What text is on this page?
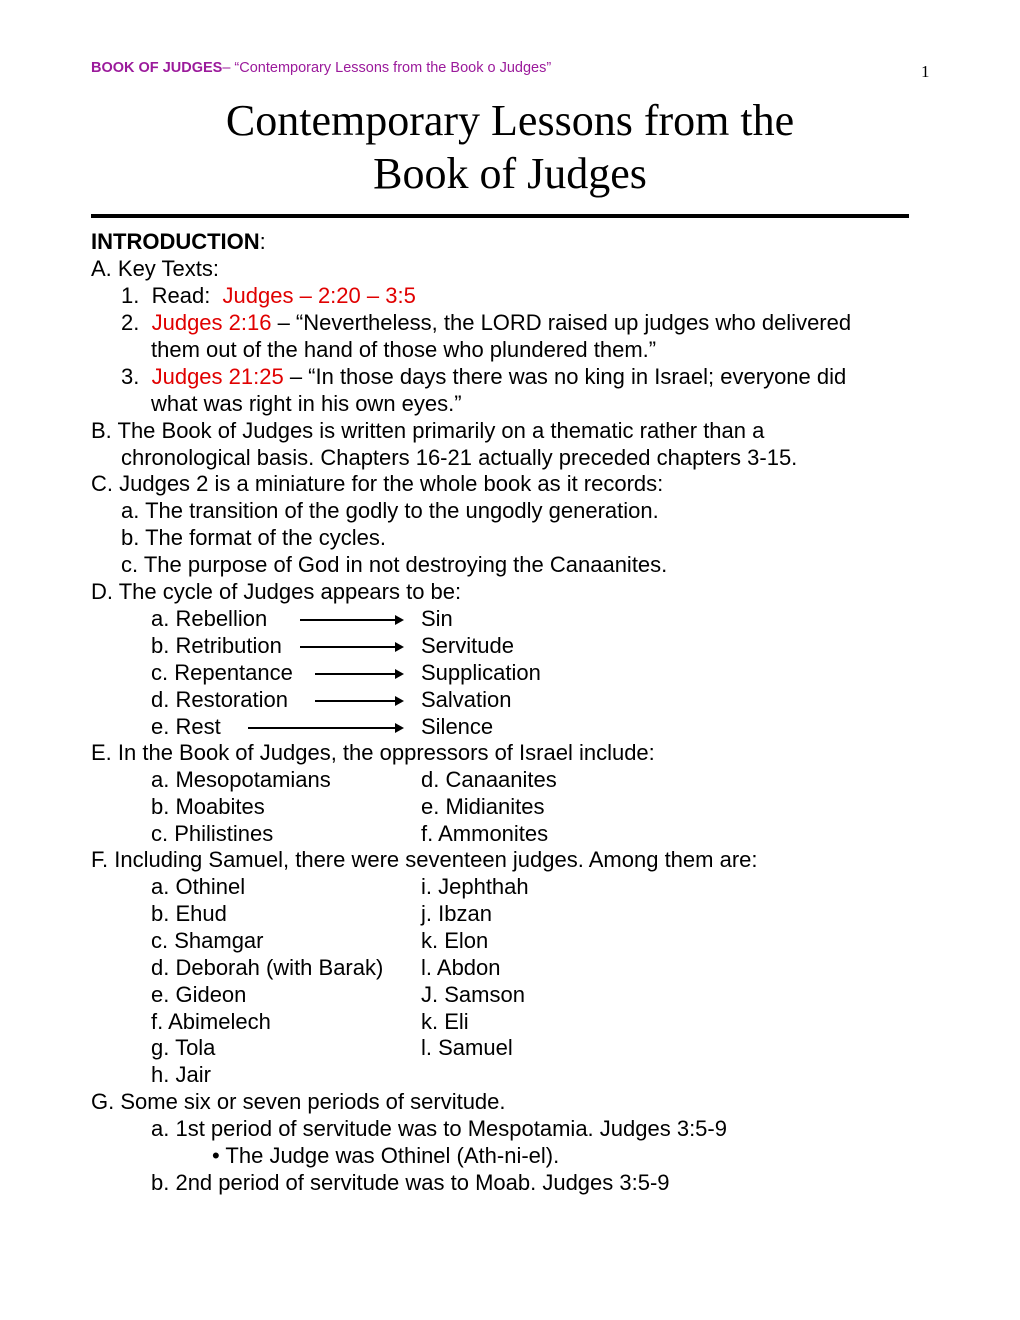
BOOK OF JUDGES– “Contemporary Lessons from the Book o Judges”	1
Contemporary Lessons from the
Book of Judges
INTRODUCTION:
A. Key Texts:
1. Read: Judges – 2:20 – 3:5
2. Judges 2:16 – “Nevertheless, the LORD raised up judges who delivered
them out of the hand of those who plundered them.”
3. Judges 21:25 – “In those days there was no king in Israel; everyone did
what was right in his own eyes.”
B. The Book of Judges is written primarily on a thematic rather than a
chronological basis. Chapters 16-21 actually preceded chapters 3-15.
C. Judges 2 is a miniature for the whole book as it records:
a. The transition of the godly to the ungodly generation.
b. The format of the cycles.
c. The purpose of God in not destroying the Canaanites.
D. The cycle of Judges appears to be:
a. Rebellion	Sin
b. Retribution	Servitude
c. Repentance	Supplication
d. Restoration	Salvation
e. Rest	Silence
E. In the Book of Judges, the oppressors of Israel include:
a. Mesopotamians	d. Canaanites
b. Moabites	e. Midianites
c. Philistines	f. Ammonites
F. Including Samuel, there were seventeen judges. Among them are:
a. Othinel	i. Jephthah
b. Ehud	j. Ibzan
c. Shamgar	k. Elon
d. Deborah (with Barak) l. Abdon
e. Gideon	J. Samson
f. Abimelech	k. Eli
g. Tola	l. Samuel
h. Jair
G. Some six or seven periods of servitude.
a. 1st period of servitude was to Mespotamia. Judges 3:5-9
• The Judge was Othinel (Ath-ni-el).
b. 2nd period of servitude was to Moab. Judges 3:5-9
